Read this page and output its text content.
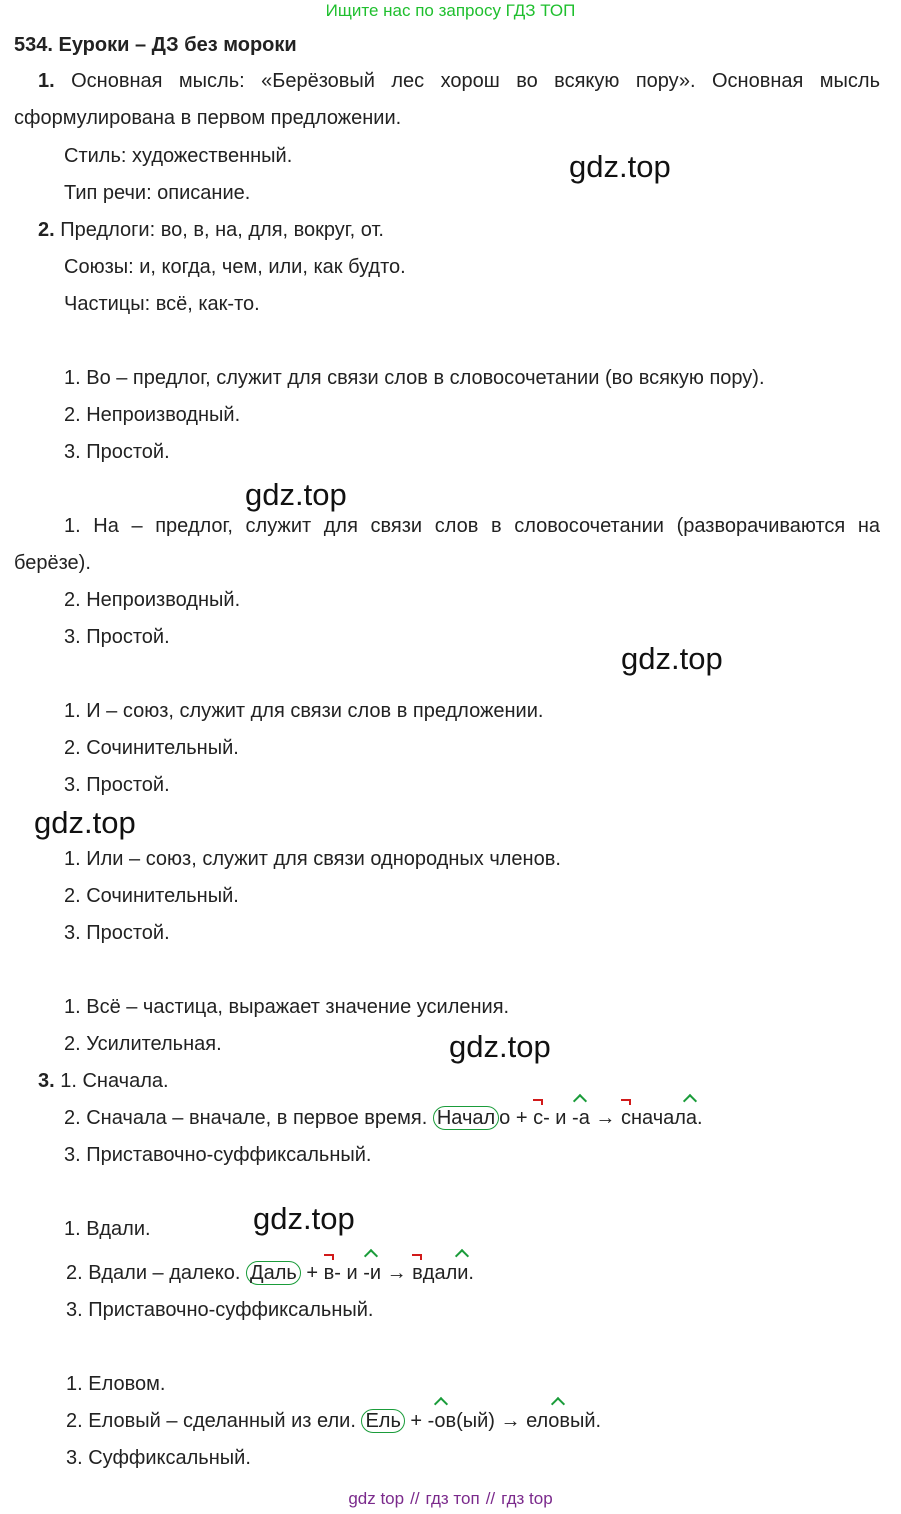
Ищите нас по запросу ГДЗ ТОП
534. Еуроки – ДЗ без мороки
1. Основная мысль: «Берёзовый лес хорош во всякую пору». Основная мысль сформулирована в первом предложении.
Стиль: художественный.
Тип речи: описание.
2. Предлоги: во, в, на, для, вокруг, от.
Союзы: и, когда, чем, или, как будто.
Частицы: всё, как-то.
1. Во – предлог, служит для связи слов в словосочетании (во всякую пору).
2. Непроизводный.
3. Простой.
1. На – предлог, служит для связи слов в словосочетании (разворачиваются на берёзе).
2. Непроизводный.
3. Простой.
1. И – союз, служит для связи слов в предложении.
2. Сочинительный.
3. Простой.
1. Или – союз, служит для связи однородных членов.
2. Сочинительный.
3. Простой.
1. Всё – частица, выражает значение усиления.
2. Усилительная.
3. 1. Сначала.
2. Сначала – вначале, в первое время. Начал о + с- и -а → сначала.
3. Приставочно-суффиксальный.
1. Вдали.
2. Вдали – далеко. Даль + в- и -и → вдали.
3. Приставочно-суффиксальный.
1. Еловом.
2. Еловый – сделанный из ели. Ель + -ов(ый) → еловый.
3. Суффиксальный.
gdz.top
gdz.top
gdz.top
gdz.top
gdz.top
gdz.top
gdz top // гдз топ // гдз top
